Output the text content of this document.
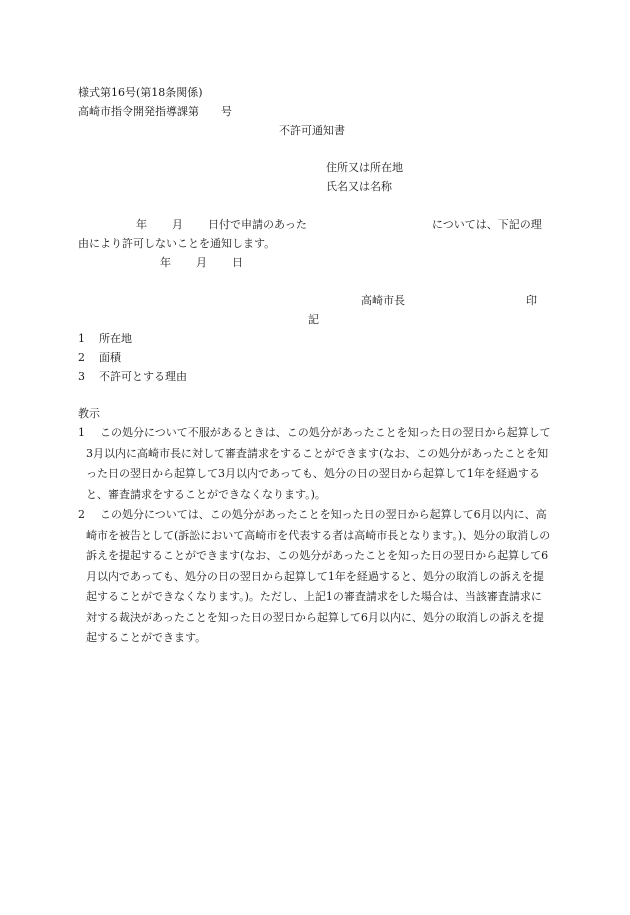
様式第16号(第18条関係)
高崎市指令開発指導課第　　号
不許可通知書
住所又は所在地
氏名又は名称
年 月 日付で申請のあった	については、下記の理
由により許可しないことを通知します。
年 月 日
高崎市長	印
記
1 所在地
2 面積
3 不許可とする理由
教示
1	この処分について不服があるときは、この処分があったことを知った日の翌日から起算して3月以内に高崎市長に対して審査請求をすることができます(なお、この処分があったことを知った日の翌日から起算して3月以内であっても、処分の日の翌日から起算して1年を経過すると、審査請求をすることができなくなります。)。
2	この処分については、この処分があったことを知った日の翌日から起算して6月以内に、高崎市を被告として(訴訟において高崎市を代表する者は高崎市長となります。)、処分の取消しの訴えを提起することができます(なお、この処分があったことを知った日の翌日から起算して6月以内であっても、処分の日の翌日から起算して1年を経過すると、処分の取消しの訴えを提起することができなくなります。)。ただし、上記1の審査請求をした場合は、当該審査請求に対する裁決があったことを知った日の翌日から起算して6月以内に、処分の取消しの訴えを提起することができます。
